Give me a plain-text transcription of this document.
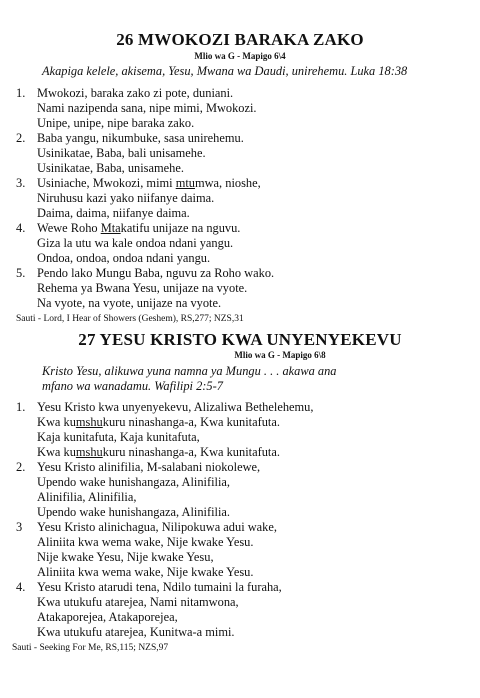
26 MWOKOZI BARAKA ZAKO
Mlio wa G - Mapigo 6\4
Akapiga kelele, akisema, Yesu, Mwana wa Daudi, unirehemu. Luka 18:38
1. Mwokozi, baraka zako zi pote, duniani.
Nami nazipenda sana, nipe mimi, Mwokozi.
Unipe, unipe, nipe baraka zako.
2. Baba yangu, nikumbuke, sasa unirehemu.
Usinikatae, Baba, bali unisamehe.
Usinikatae, Baba, unisamehe.
3. Usiniache, Mwokozi, mimi mtumwa, nioshe,
Niruhusu kazi yako niifanye daima.
Daima, daima, niifanye daima.
4. Wewe Roho Mtakatifu unijaze na nguvu.
Giza la utu wa kale ondoa ndani yangu.
Ondoa, ondoa, ondoa ndani yangu.
5. Pendo lako Mungu Baba, nguvu za Roho wako.
Rehema ya Bwana Yesu, unijaze na vyote.
Na vyote, na vyote, unijaze na vyote.
Sauti - Lord, I Hear of Showers (Geshem), RS,277; NZS,31
27 YESU KRISTO KWA UNYENYEKEVU
Mlio wa G - Mapigo 6\8
Kristo Yesu, alikuwa yuna namna ya Mungu . . . akawa ana
mfano wa wanadamu. Wafilipi 2:5-7
1. Yesu Kristo kwa unyenyekevu, Alizaliwa Bethelehemu,
Kwa kumshukuru ninashanga-a, Kwa kunitafuta.
Kaja kunitafuta, Kaja kunitafuta,
Kwa kumshukuru ninashanga-a, Kwa kunitafuta.
2. Yesu Kristo alinifilia, M-salabani niokolewe,
Upendo wake hunishangaza, Alinifilia,
Alinifilia, Alinifilia,
Upendo wake hunishangaza, Alinifilia.
3 Yesu Kristo alinichagua, Nilipokuwa adui wake,
Aliniita kwa wema wake, Nije kwake Yesu.
Nije kwake Yesu, Nije kwake Yesu,
Aliniita kwa wema wake, Nije kwake Yesu.
4. Yesu Kristo atarudi tena, Ndilo tumaini la furaha,
Kwa utukufu atarejea, Nami nitamwona,
Atakaporejea, Atakaporejea,
Kwa utukufu atarejea, Kunitwa-a mimi.
Sauti - Seeking For Me, RS,115; NZS,97
